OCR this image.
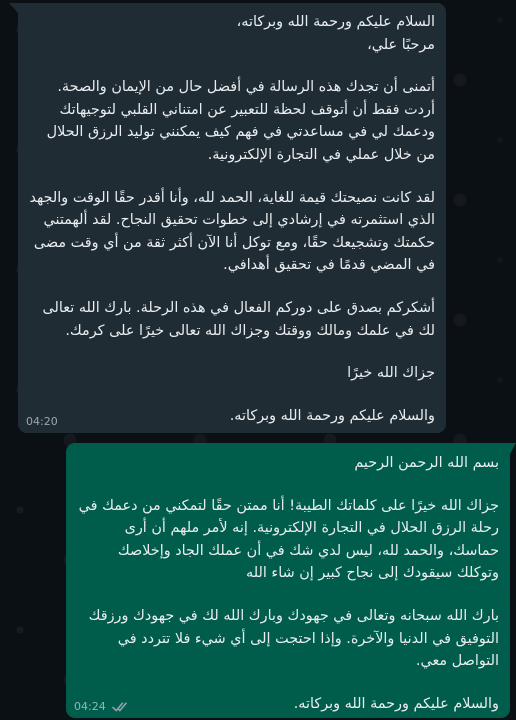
السلام عليكم ورحمة الله وبركاته،

مرحبًا علي،

أتمنى أن تجدك هذه الرسالة في أفضل حال من الإيمان والصحة. أردت فقط أن أتوقف لحظة للتعبير عن امتناني القلبي لتوجيهاتك ودعمك لي في مساعدتي في فهم كيف يمكنني توليد الرزق الحلال من خلال عملي في التجارة الإلكترونية.

لقد كانت نصيحتك قيمة للغاية، الحمد لله، وأنا أقدر حقًا الوقت والجهد الذي استثمرته في إرشادي إلى خطوات تحقيق النجاح. لقد ألهمتني حكمتك وتشجيعك حقًا، ومع توكل أنا الآن أكثر ثقة من أي وقت مضى في المضي قدمًا في تحقيق أهدافي.

أشكركم بصدق على دوركم الفعال في هذه الرحلة. بارك الله تعالى لك في علمك ومالك ووقتك وجزاك الله تعالى خيرًا على كرمك.

جزاك الله خيرًا

والسلام عليكم ورحمة الله وبركاته.

04:20

بسم الله الرحمن الرحيم

جزاك الله خيرًا على كلماتك الطيبة! أنا ممتن حقًا لتمكني من دعمك في رحلة الرزق الحلال في التجارة الإلكترونية. إنه لأمر ملهم أن أرى حماسك، والحمد لله، ليس لدي شك في أن عملك الجاد وإخلاصك وتوكلك سيقودك إلى نجاح كبير إن شاء الله

بارك الله سبحانه وتعالى في جهودك وبارك الله لك في جهودك ورزقك التوفيق في الدنيا والآخرة. وإذا احتجت إلى أي شيء فلا تتردد في التواصل معي.

والسلام عليكم ورحمة الله وبركاته.

04:24
